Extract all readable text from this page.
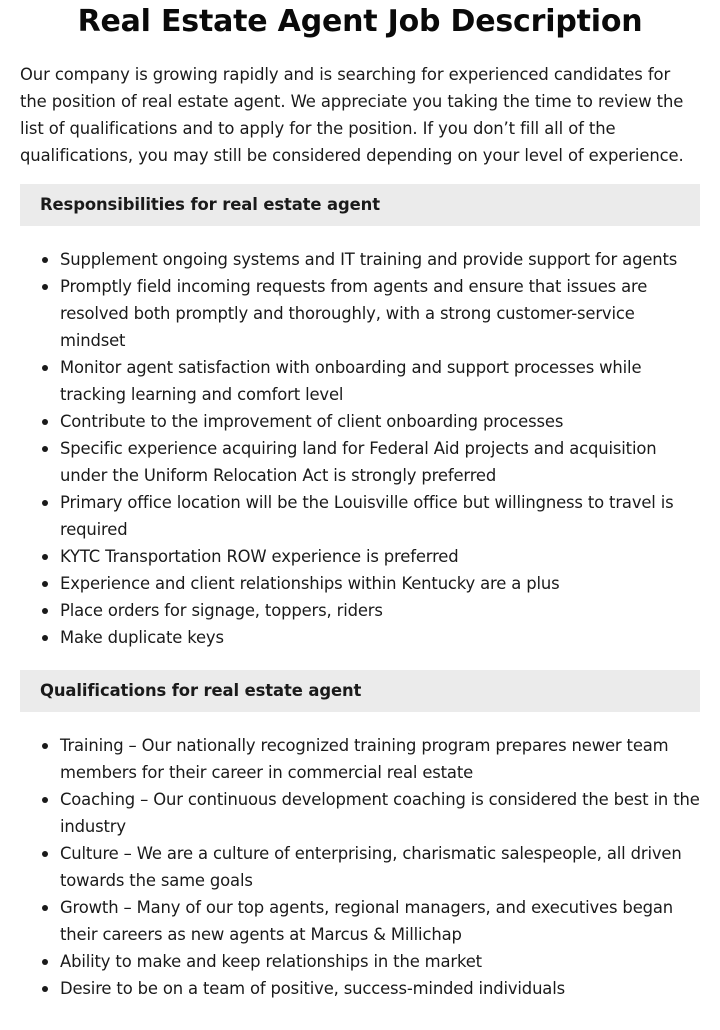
Real Estate Agent Job Description

Our company is growing rapidly and is searching for experienced candidates for the position of real estate agent. We appreciate you taking the time to review the list of qualifications and to apply for the position. If you don’t fill all of the qualifications, you may still be considered depending on your level of experience.

Responsibilities for real estate agent
Supplement ongoing systems and IT training and provide support for agents
Promptly field incoming requests from agents and ensure that issues are resolved both promptly and thoroughly, with a strong customer-service mindset
Monitor agent satisfaction with onboarding and support processes while tracking learning and comfort level
Contribute to the improvement of client onboarding processes
Specific experience acquiring land for Federal Aid projects and acquisition under the Uniform Relocation Act is strongly preferred
Primary office location will be the Louisville office but willingness to travel is required
KYTC Transportation ROW experience is preferred
Experience and client relationships within Kentucky are a plus
Place orders for signage, toppers, riders
Make duplicate keys
Qualifications for real estate agent
Training – Our nationally recognized training program prepares newer team members for their career in commercial real estate
Coaching – Our continuous development coaching is considered the best in the industry
Culture – We are a culture of enterprising, charismatic salespeople, all driven towards the same goals
Growth – Many of our top agents, regional managers, and executives began their careers as new agents at Marcus & Millichap
Ability to make and keep relationships in the market
Desire to be on a team of positive, success-minded individuals
